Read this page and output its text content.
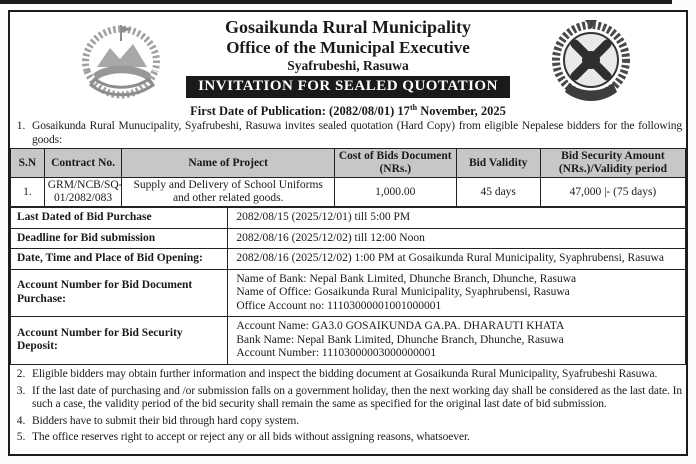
Gosaikunda Rural Municipality
Office of the Municipal Executive
Syafrubeshi, Rasuwa
INVITATION FOR SEALED QUOTATION
First Date of Publication: (2082/08/01) 17th November, 2025
1. Gosaikunda Rural Munucipality, Syafrubeshi, Rasuwa invites sealed quotation (Hard Copy) from eligible Nepalese bidders for the following goods:
S.N	Contract No.	Name of Project	Cost of Bids Document (NRs.)	Bid Validity	Bid Security Amount (NRs.)/Validity period
1.	GRM/NCB/SQ-01/2082/083	Supply and Delivery of School Uniforms and other related goods.	1,000.00	45 days	47,000 |- (75 days)
Last Dated of Bid Purchase	2082/08/15 (2025/12/01) till 5:00 PM

Deadline for Bid submission	2082/08/16 (2025/12/02) till 12:00 Noon

Date, Time and Place of Bid Opening:	2082/08/16 (2025/12/02) 1:00 PM at Gosaikunda Rural Municipality, Syaphrubensi, Rasuwa

Account Number for Bid Document Purchase:	Name of Bank: Nepal Bank Limited, Dhunche Branch, Dhunche, Rasuwa
Name of Office: Gosaikunda Rural Municipality, Syaphrubensi, Rasuwa
Office Account no: 11103000001001000001

Account Number for Bid Security Deposit:	Account Name: GA3.0 GOSAIKUNDA GA.PA. DHARAUTI KHATA
Bank Name: Nepal Bank Limited, Dhunche Branch, Dhunche, Rasuwa
Account Number: 11103000003000000001
2. Eligible bidders may obtain further information and inspect the bidding document at Gosaikunda Rural Municipality, Syafrubeshi Rasuwa.
3. If the last date of purchasing and /or submission falls on a government holiday, then the next working day shall be considered as the last date. In such a case, the validity period of the bid security shall remain the same as specified for the original last date of bid submission.
4. Bidders have to submit their bid through hard copy system.
5. The office reserves right to accept or reject any or all bids without assigning reasons, whatsoever.
